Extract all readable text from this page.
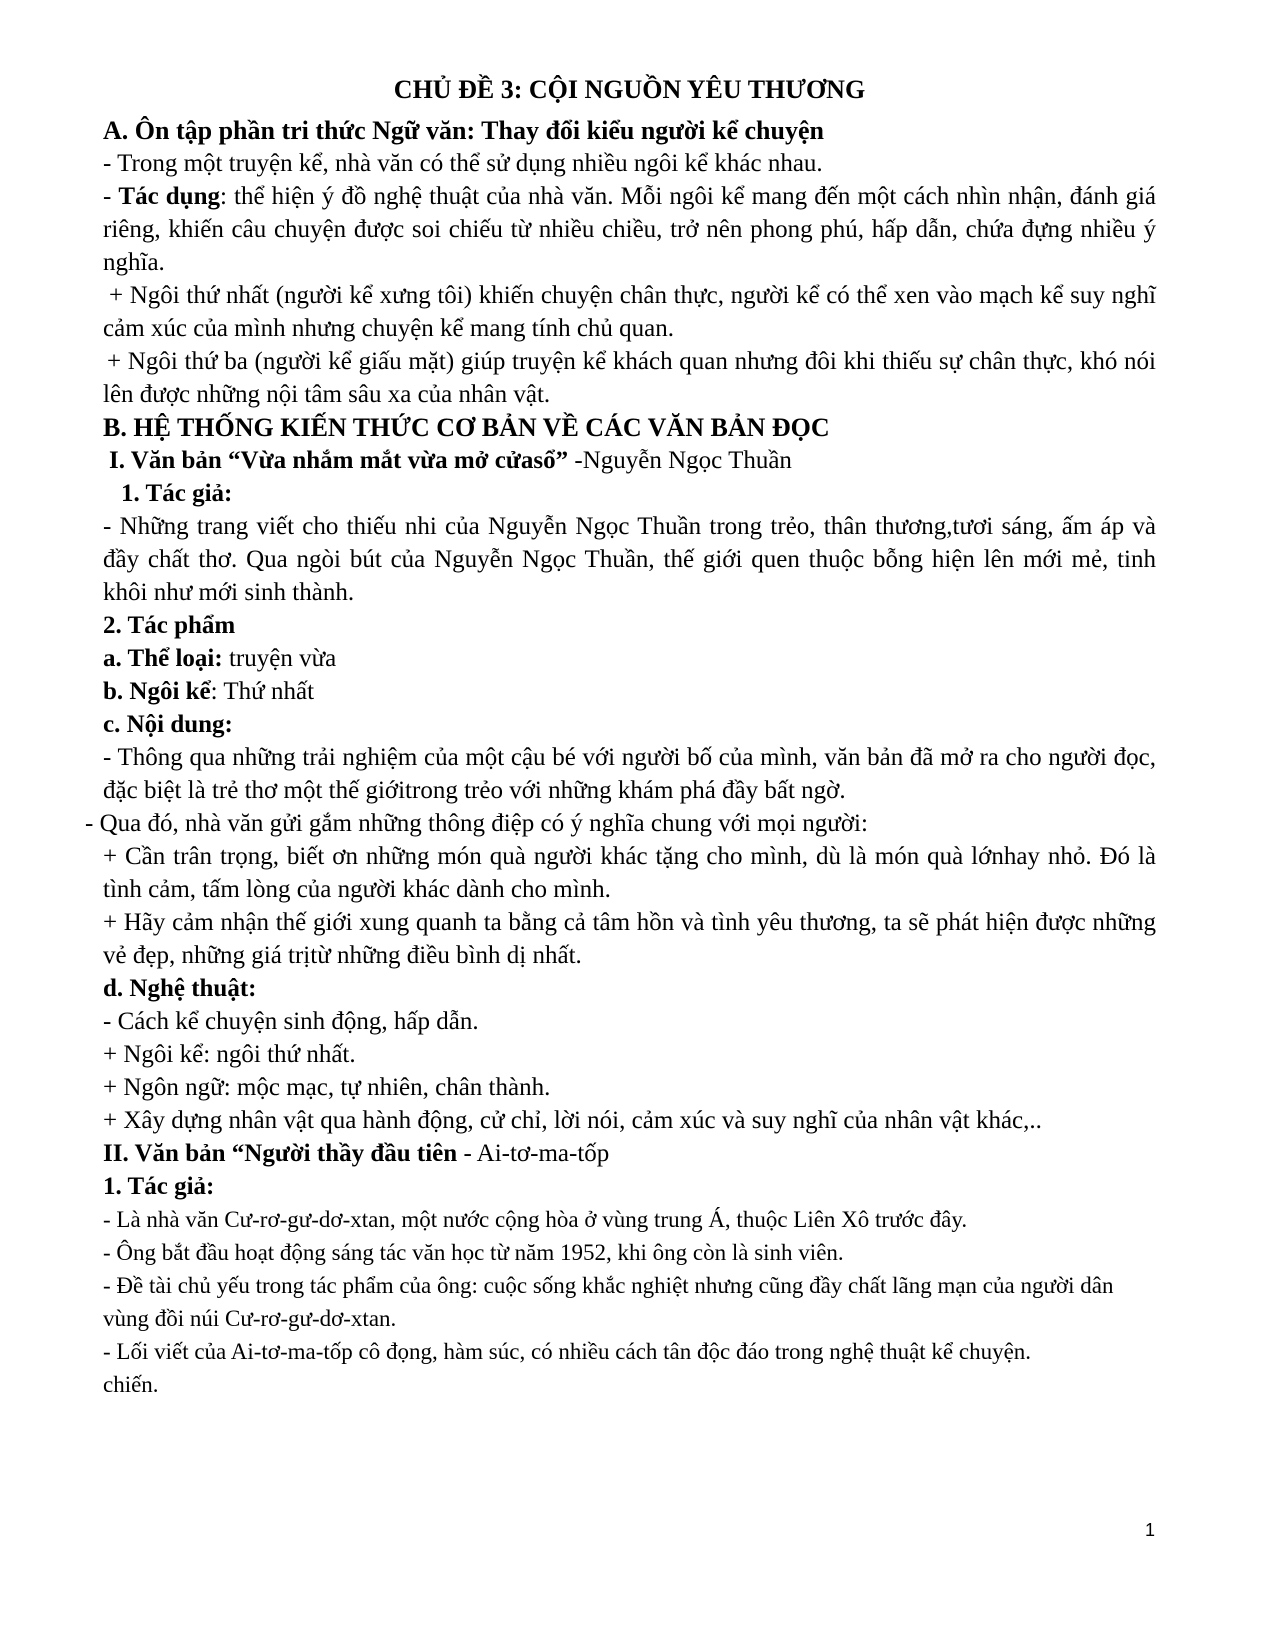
CHỦ ĐỀ 3: CỘI NGUỒN YÊU THƯƠNG

A. Ôn tập phần tri thức Ngữ văn: Thay đổi kiểu người kể chuyện

- Trong một truyện kể, nhà văn có thể sử dụng nhiều ngôi kể khác nhau.

- Tác dụng: thể hiện ý đồ nghệ thuật của nhà văn. Mỗi ngôi kể mang đến một cách nhìn nhận, đánh giá riêng, khiến câu chuyện được soi chiếu từ nhiều chiều, trở nên phong phú, hấp dẫn, chứa đựng nhiều ý nghĩa.

+ Ngôi thứ nhất (người kể xưng tôi) khiến chuyện chân thực, người kể có thể xen vào mạch kể suy nghĩ cảm xúc của mình nhưng chuyện kể mang tính chủ quan.

+ Ngôi thứ ba (người kể giấu mặt) giúp truyện kể khách quan nhưng đôi khi thiếu sự chân thực, khó nói lên được những nội tâm sâu xa của nhân vật.

B. HỆ THỐNG KIẾN THỨC CƠ BẢN VỀ CÁC VĂN BẢN ĐỌC

I. Văn bản “Vừa nhắm mắt vừa mở cửasổ” -Nguyễn Ngọc Thuần

1. Tác giả:

- Những trang viết cho thiếu nhi của Nguyễn Ngọc Thuần trong trẻo, thân thương,tươi sáng, ấm áp và đầy chất thơ. Qua ngòi bút của Nguyễn Ngọc Thuần, thế giới quen thuộc bỗng hiện lên mới mẻ, tinh khôi như mới sinh thành.

2. Tác phẩm

a. Thể loại: truyện vừa

b. Ngôi kể: Thứ nhất

c. Nội dung:

- Thông qua những trải nghiệm của một cậu bé với người bố của mình, văn bản đã mở ra cho người đọc, đặc biệt là trẻ thơ một thế giớitrong trẻo với những khám phá đầy bất ngờ.

- Qua đó, nhà văn gửi gắm những thông điệp có ý nghĩa chung với mọi người:

+ Cần trân trọng, biết ơn những món quà người khác tặng cho mình, dù là món quà lớnhay nhỏ. Đó là tình cảm, tấm lòng của người khác dành cho mình.

+ Hãy cảm nhận thế giới xung quanh ta bằng cả tâm hồn và tình yêu thương, ta sẽ phát hiện được những vẻ đẹp, những giá trịtừ những điều bình dị nhất.

d. Nghệ thuật:

- Cách kể chuyện sinh động, hấp dẫn.

+ Ngôi kể: ngôi thứ nhất.

+ Ngôn ngữ: mộc mạc, tự nhiên, chân thành.

+ Xây dựng nhân vật qua hành động, cử chỉ, lời nói, cảm xúc và suy nghĩ của nhân vật khác,..

II. Văn bản “Người thầy đầu tiên - Ai-tơ-ma-tốp

1. Tác giả:

- Là nhà văn Cư-rơ-gư-dơ-xtan, một nước cộng hòa ở vùng trung Á, thuộc Liên Xô trước đây.

- Ông bắt đầu hoạt động sáng tác văn học từ năm 1952, khi ông còn là sinh viên.

- Đề tài chủ yếu trong tác phẩm của ông: cuộc sống khắc nghiệt nhưng cũng đầy chất lãng mạn của người dân vùng đồi núi Cư-rơ-gư-dơ-xtan.

- Lối viết của Ai-tơ-ma-tốp cô đọng, hàm súc, có nhiều cách tân độc đáo trong nghệ thuật kể chuyện.

chiến.

1
